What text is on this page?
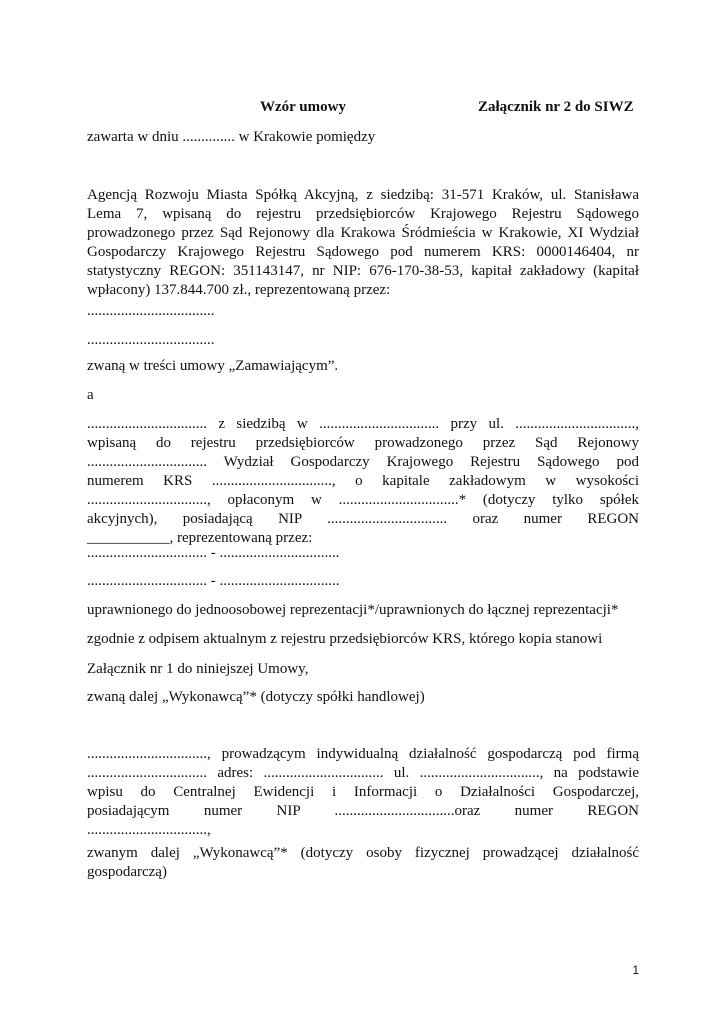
Wzór umowy	Załącznik nr 2 do SIWZ

zawarta w dniu .............. w Krakowie pomiędzy

Agencją Rozwoju Miasta Spółką Akcyjną, z siedzibą: 31-571 Kraków, ul. Stanisława
Lema 7, wpisaną do rejestru przedsiębiorców Krajowego Rejestru Sądowego
prowadzonego przez Sąd Rejonowy dla Krakowa Śródmieścia w Krakowie, XI Wydział
Gospodarczy Krajowego Rejestru Sądowego pod numerem KRS: 0000146404, nr
statystyczny REGON: 351143147, nr NIP: 676-170-38-53, kapitał zakładowy (kapitał
wpłacony) 137.844.700 zł., reprezentowaną przez:

..................................

..................................

zwaną w treści umowy „Zamawiającym”.

a

................................ z siedzibą w ................................ przy ul. ................................,
wpisaną do rejestru przedsiębiorców prowadzonego przez Sąd Rejonowy
................................ Wydział Gospodarczy Krajowego Rejestru Sądowego pod
numerem KRS ................................, o kapitale zakładowym w wysokości
................................, opłaconym w ................................* (dotyczy tylko spółek
akcyjnych), posiadającą NIP ................................ oraz numer REGON
___________, reprezentowaną przez:

................................ - ................................

................................ - ................................

uprawnionego do jednoosobowej reprezentacji*/uprawnionych do łącznej reprezentacji*

zgodnie z odpisem aktualnym z rejestru przedsiębiorców KRS, którego kopia stanowi

Załącznik nr 1 do niniejszej Umowy,

zwaną dalej „Wykonawcą”* (dotyczy spółki handlowej)

................................, prowadzącym indywidualną działalność gospodarczą pod firmą
................................ adres: ................................ ul. ................................, na podstawie
wpisu do Centralnej Ewidencji i Informacji o Działalności Gospodarczej,
posiadającym numer NIP ................................oraz numer REGON
................................,
zwanym dalej „Wykonawcą”* (dotyczy osoby fizycznej prowadzącej działalność
gospodarczą)

1
